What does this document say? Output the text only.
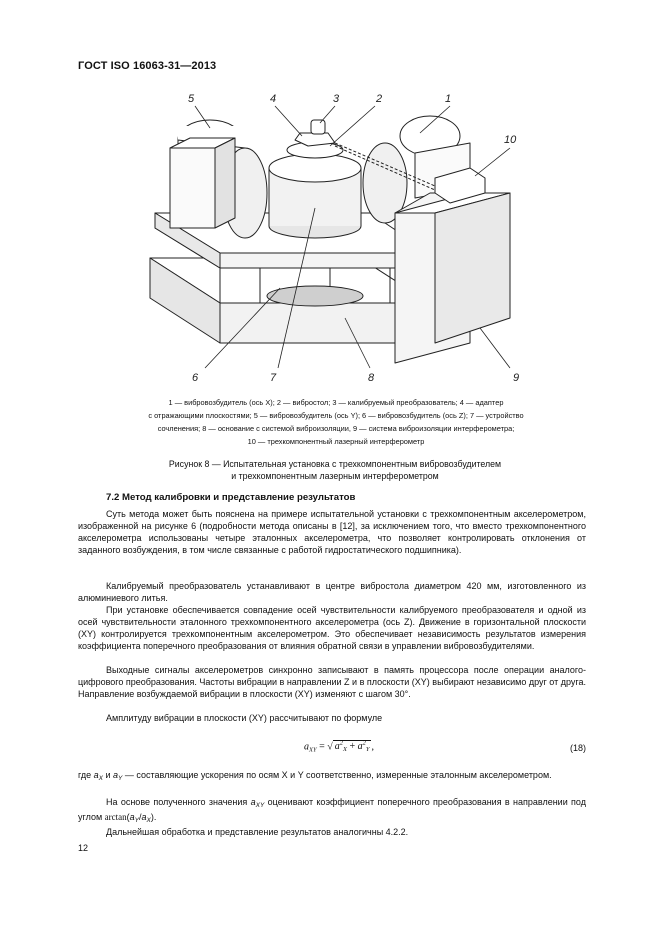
ГОСТ ISO 16063-31—2013
5	4	3	2	1
10
6	7	8	9
1 — вибровозбудитель (ось X); 2 — вибростол; 3 — калибруемый преобразователь; 4 — адаптер
с отражающими плоскостями; 5 — вибровозбудитель (ось Y); 6 — вибровозбудитель (ось Z); 7 — устройство
сочленения; 8 — основание с системой виброизоляции, 9 — система виброизоляции интерферометра;
10 — трехкомпонентный лазерный интерферометр
Рисунок 8 — Испытательная установка с трехкомпонентным вибровозбудителем
и трехкомпонентным лазерным интерферометром
7.2 Метод калибровки и представление результатов

Суть метода может быть пояснена на примере испытательной установки с трехкомпонентным акселерометром, изображенной на рисунке 6 (подробности метода описаны в [12], за исключением того, что вместо трехкомпонентного акселерометра использованы четыре эталонных акселерометра, что позволяет контролировать отклонения от заданного возбуждения, в том числе связанные с работой гидростатического подшипника).

Калибруемый преобразователь устанавливают в центре вибростола диаметром 420 мм, изготовленного из алюминиевого литья.

При установке обеспечивается совпадение осей чувствительности калибруемого преобразователя и одной из осей чувствительности эталонного трехкомпонентного акселерометра (ось Z). Движение в горизонтальной плоскости (XY) контролируется трехкомпонентным акселерометром. Это обеспечивает независимость результатов измерения коэффициента поперечного преобразования от влияния обратной связи в управлении вибровозбудителями.

Выходные сигналы акселерометров синхронно записывают в память процессора после операции аналого-цифрового преобразования. Частоты вибрации в направлении Z и в плоскости (XY) выбирают независимо друг от друга. Направление возбуждаемой вибрации в плоскости (XY) изменяют с шагом 30°.

Амплитуду вибрации в плоскости (XY) рассчитывают по формуле

$a_{XY}$ = √ $a^2_X + a^2_Y$ ,	(18)

где $a_X$ и $a_Y$ — составляющие ускорения по осям X и Y соответственно, измеренные эталонным акселерометром.

На основе полученного значения $a_{XY}$ оценивают коэффициент поперечного преобразования в направлении под углом $\arctan(a_Y/a_X)$.

Дальнейшая обработка и представление результатов аналогичны 4.2.2.

12
